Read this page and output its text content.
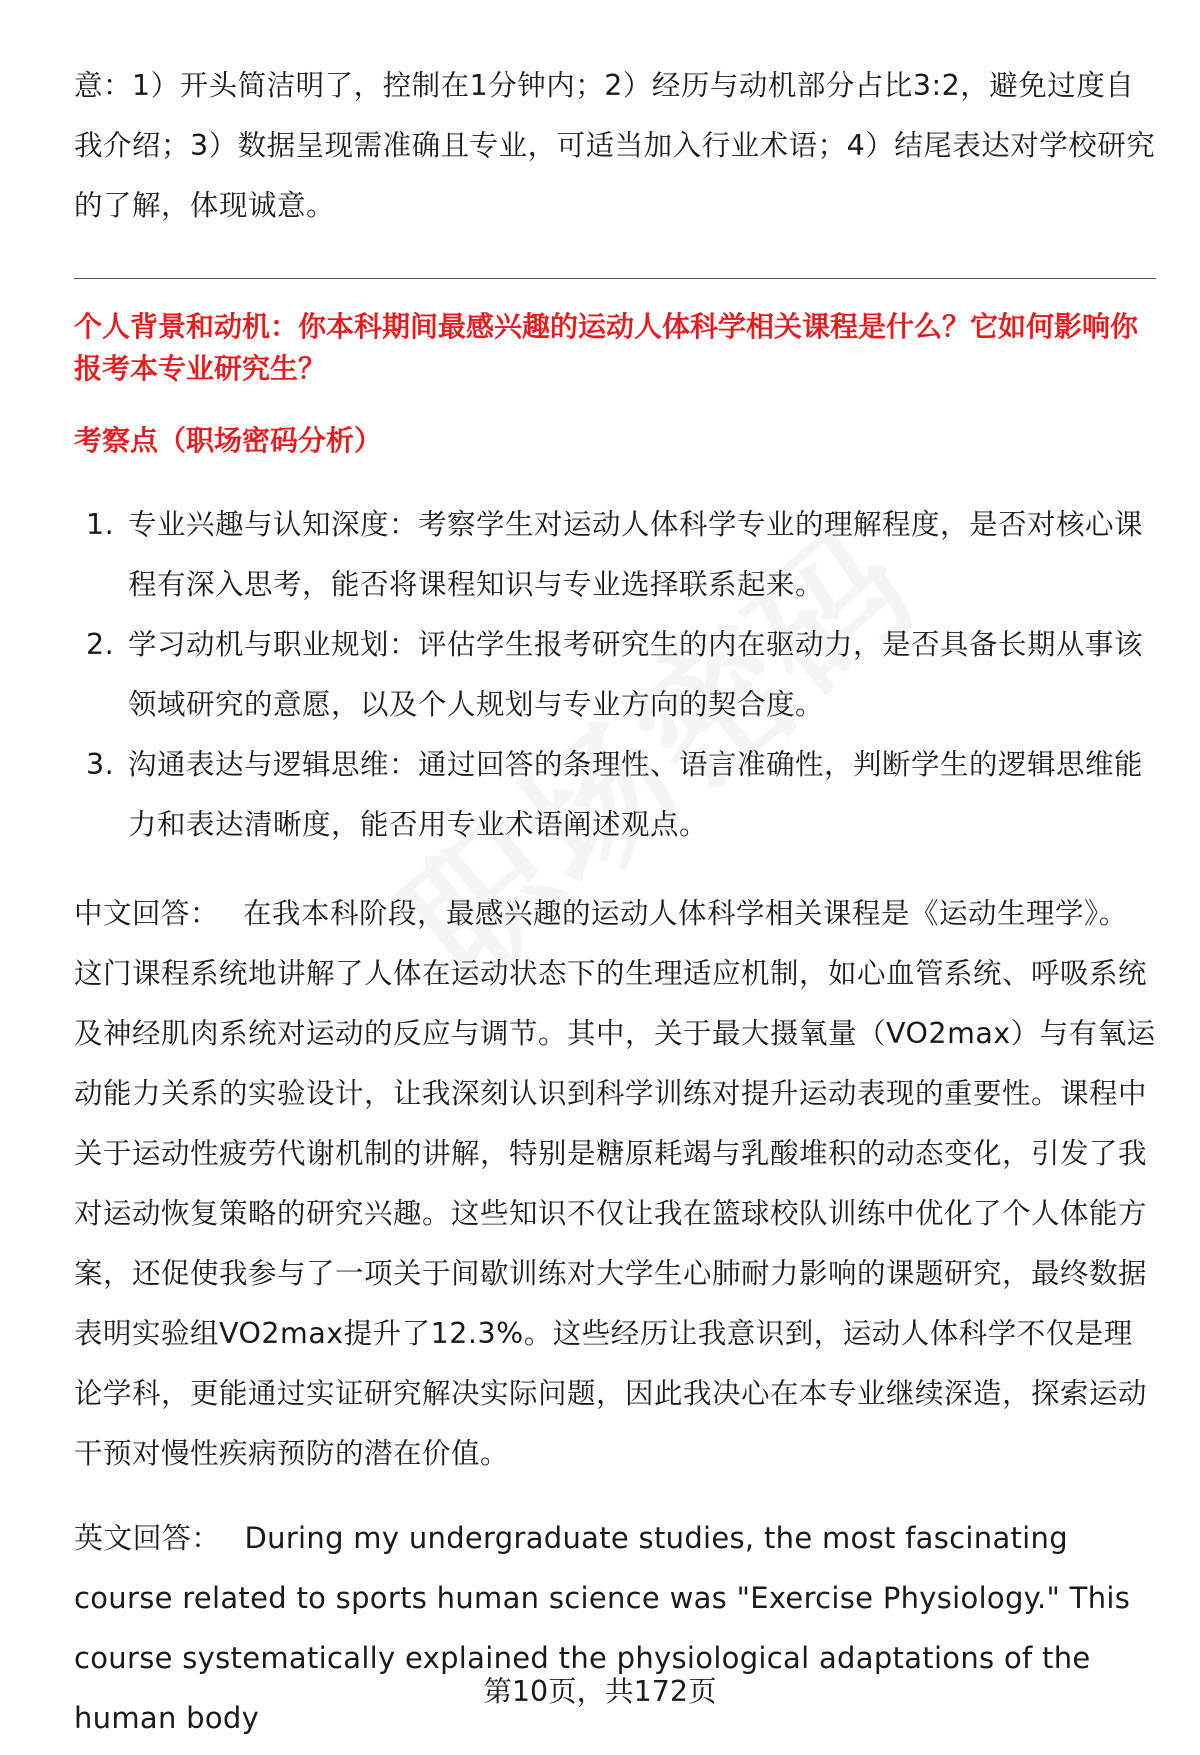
意：1）开头简洁明了，控制在1分钟内；2）经历与动机部分占比3:2，避免过度自我介绍；3）数据呈现需准确且专业，可适当加入行业术语；4）结尾表达对学校研究的了解，体现诚意。

个人背景和动机：你本科期间最感兴趣的运动人体科学相关课程是什么？它如何影响你报考本专业研究生？

考察点（职场密码分析）

1. 专业兴趣与认知深度：考察学生对运动人体科学专业的理解程度，是否对核心课程有深入思考，能否将课程知识与专业选择联系起来。
2. 学习动机与职业规划：评估学生报考研究生的内在驱动力，是否具备长期从事该领域研究的意愿，以及个人规划与专业方向的契合度。
3. 沟通表达与逻辑思维：通过回答的条理性、语言准确性，判断学生的逻辑思维能力和表达清晰度，能否用专业术语阐述观点。

中文回答： 在我本科阶段，最感兴趣的运动人体科学相关课程是《运动生理学》。这门课程系统地讲解了人体在运动状态下的生理适应机制，如心血管系统、呼吸系统及神经肌肉系统对运动的反应与调节。其中，关于最大摄氧量（VO2max）与有氧运动能力关系的实验设计，让我深刻认识到科学训练对提升运动表现的重要性。课程中关于运动性疲劳代谢机制的讲解，特别是糖原耗竭与乳酸堆积的动态变化，引发了我对运动恢复策略的研究兴趣。这些知识不仅让我在篮球校队训练中优化了个人体能方案，还促使我参与了一项关于间歇训练对大学生心肺耐力影响的课题研究，最终数据表明实验组VO2max提升了12.3%。这些经历让我意识到，运动人体科学不仅是理论学科，更能通过实证研究解决实际问题，因此我决心在本专业继续深造，探索运动干预对慢性疾病预防的潜在价值。

英文回答： During my undergraduate studies, the most fascinating course related to sports human science was "Exercise Physiology." This course systematically explained the physiological adaptations of the human body

第10页，共172页
